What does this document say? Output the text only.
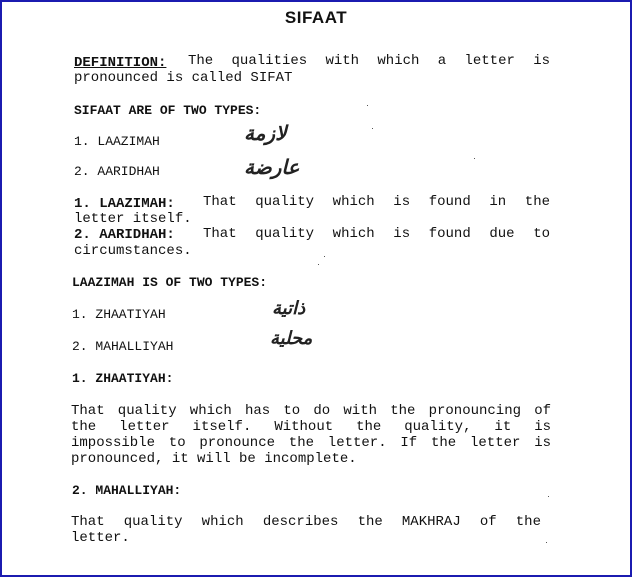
SIFAAT
DEFINITION: The qualities with which a letter is
pronounced is called SIFAT
SIFAAT ARE OF TWO TYPES:
1. LAAZIMAH	لازمة
2. AARIDHAH	عارضة
1. LAAZIMAH: That quality which is found in the
letter itself.
2. AARIDHAH: That quality which is found due to
circumstances.
LAAZIMAH IS OF TWO TYPES:
1. ZHAATIYAH	ذاتية
2. MAHALLIYAH	محلية
1. ZHAATIYAH:
That quality which has to do with the pronouncing of
the letter itself. Without the quality, it is
impossible to pronounce the letter. If the letter is
pronounced, it will be incomplete.
2. MAHALLIYAH:
That quality which describes the MAKHRAJ of the
letter.
